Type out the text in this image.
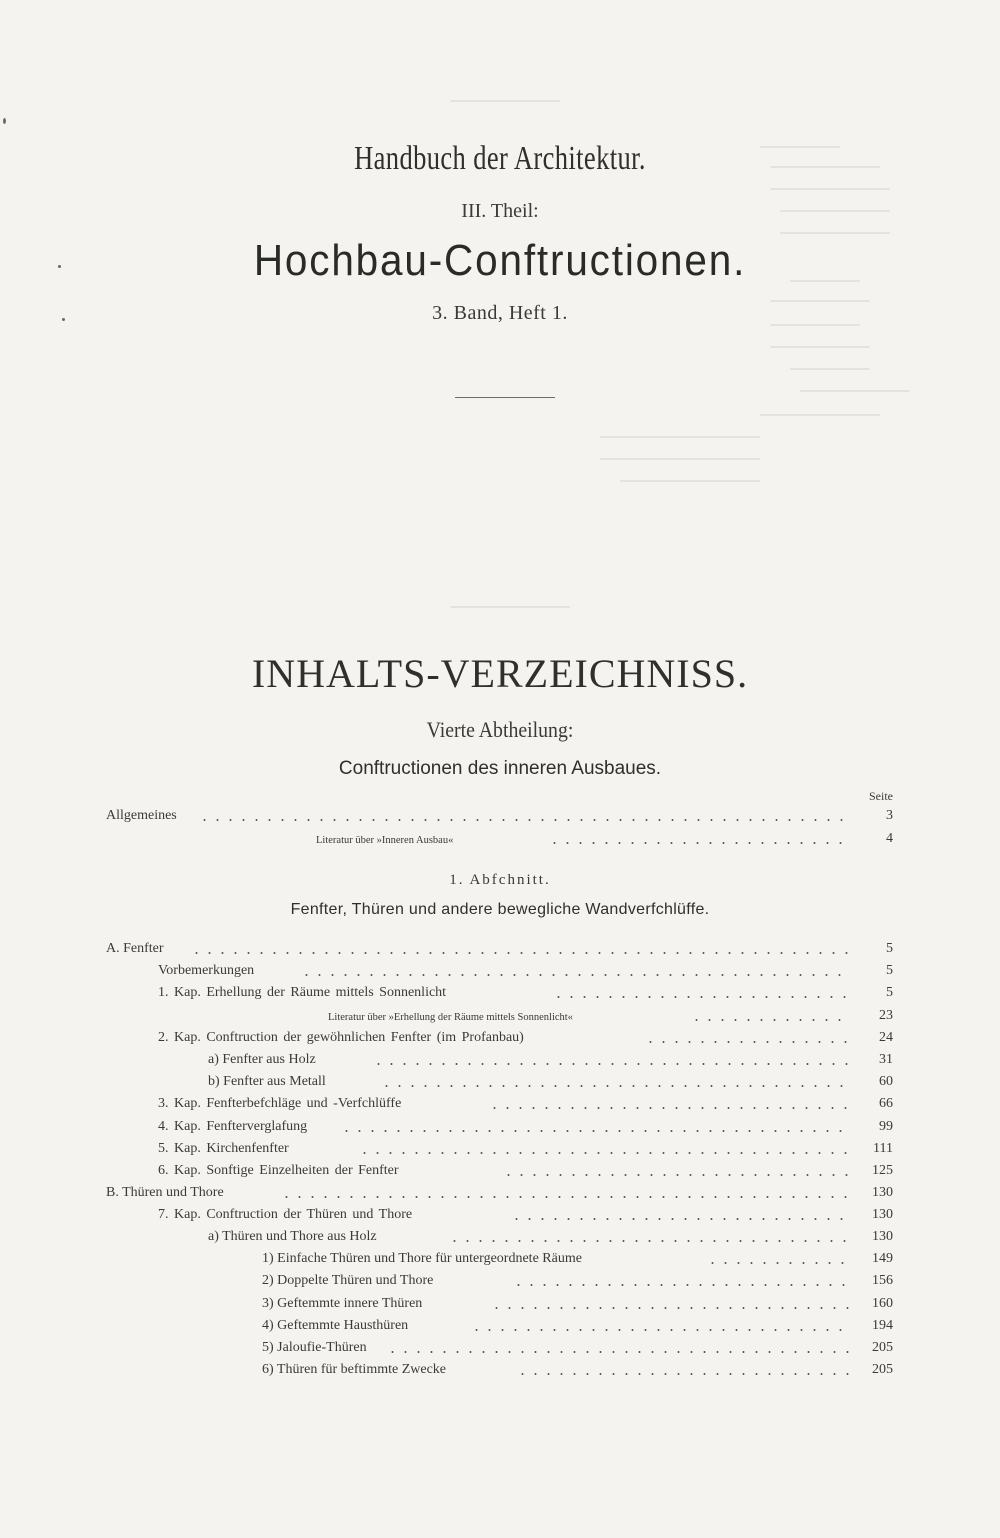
Handbuch der Architektur.
III. Theil:
Hochbau-Conftructionen.
3. Band, Heft 1.
INHALTS-VERZEICHNISS.
Vierte Abtheilung:
Conftructionen des inneren Ausbaues.
Seite
Allgemeines	3
Literatur über »Inneren Ausbau«	4
1. Abfchnitt.
Fenfter, Thüren und andere bewegliche Wandverfchlüffe.
A. Fenfter	5
Vorbemerkungen	5
1. Kap. Erhellung der Räume mittels Sonnenlicht	5
Literatur über »Erhellung der Räume mittels Sonnenlicht«	23
2. Kap. Conftruction der gewöhnlichen Fenfter (im Profanbau)	24
a) Fenfter aus Holz	31
b) Fenfter aus Metall	60
3. Kap. Fenfterbefchläge und -Verfchlüffe	66
4. Kap. Fenfterverglafung	99
5. Kap. Kirchenfenfter	111
6. Kap. Sonftige Einzelheiten der Fenfter	125
B. Thüren und Thore	130
7. Kap. Conftruction der Thüren und Thore	130
a) Thüren und Thore aus Holz	130
1) Einfache Thüren und Thore für untergeordnete Räume	149
2) Doppelte Thüren und Thore	156
3) Geftemmte innere Thüren	160
4) Geftemmte Hausthüren	194
5) Jaloufie-Thüren	205
6) Thüren für beftimmte Zwecke	205
